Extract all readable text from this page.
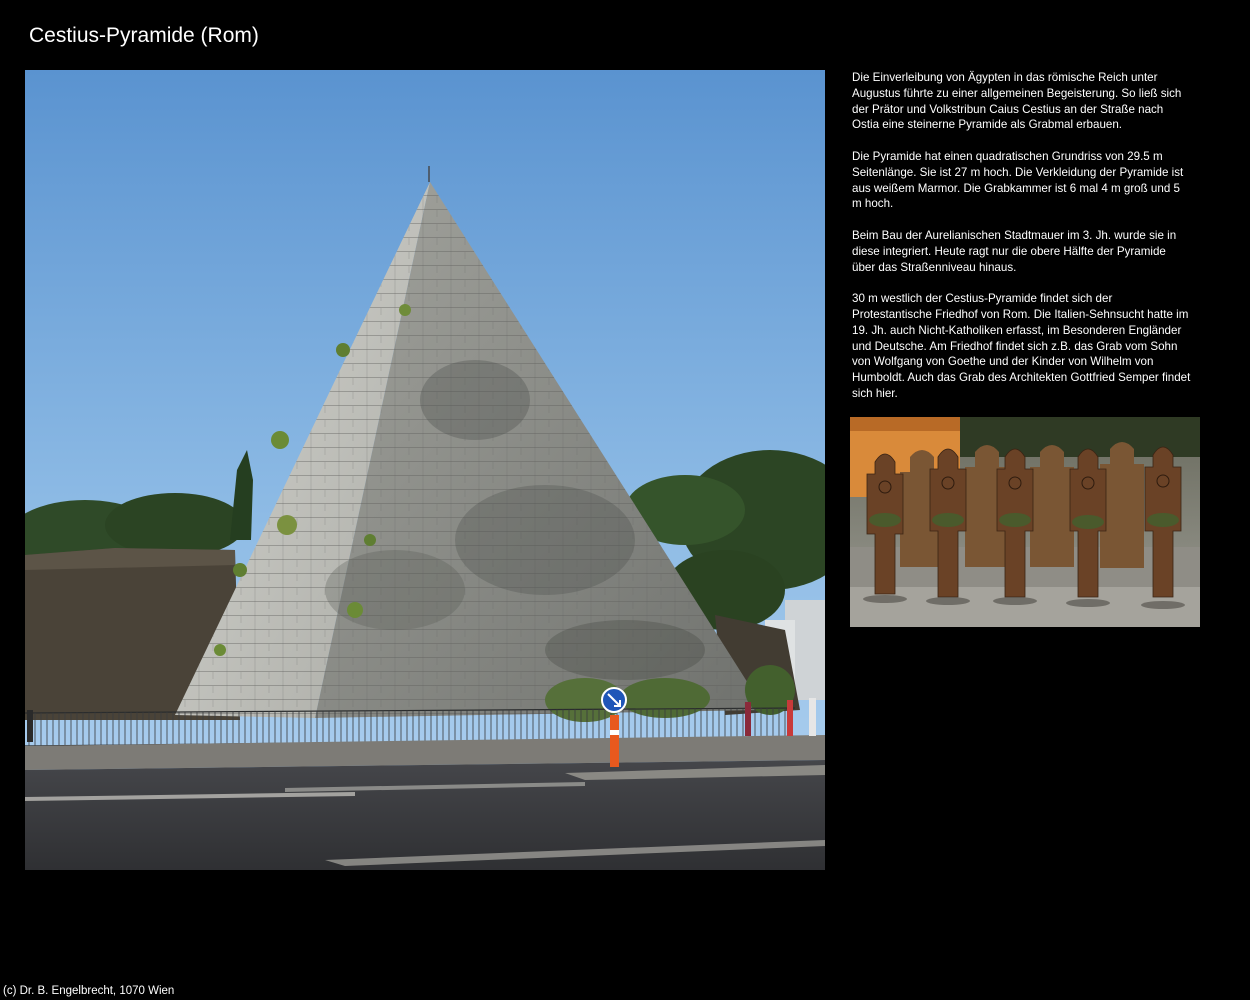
Cestius-Pyramide (Rom)

Die Einverleibung von Ägypten in das römische Reich unter Augustus führte zu einer allgemeinen Begeisterung. So ließ sich der Prätor und Volkstribun Caius Cestius an der Straße nach Ostia eine steinerne Pyramide als Grabmal erbauen.

Die Pyramide hat einen quadratischen Grundriss von 29.5 m Seitenlänge. Sie ist 27 m hoch. Die Verkleidung der Pyramide ist aus weißem Marmor. Die Grabkammer ist 6 mal 4 m groß und 5 m hoch.

Beim Bau der Aurelianischen Stadtmauer im 3. Jh. wurde sie in diese integriert. Heute ragt nur die obere Hälfte der Pyramide über das Straßenniveau hinaus.

30 m westlich der Cestius-Pyramide findet sich der Protestantische Friedhof von Rom. Die Italien-Sehnsucht hatte im 19. Jh. auch Nicht-Katholiken erfasst, im Besonderen Engländer und Deutsche. Am Friedhof findet sich z.B. das Grab vom Sohn von Wolfgang von Goethe und der Kinder von Wilhelm von Humboldt. Auch das Grab des Architekten Gottfried Semper findet sich hier.

(c) Dr. B. Engelbrecht, 1070 Wien
